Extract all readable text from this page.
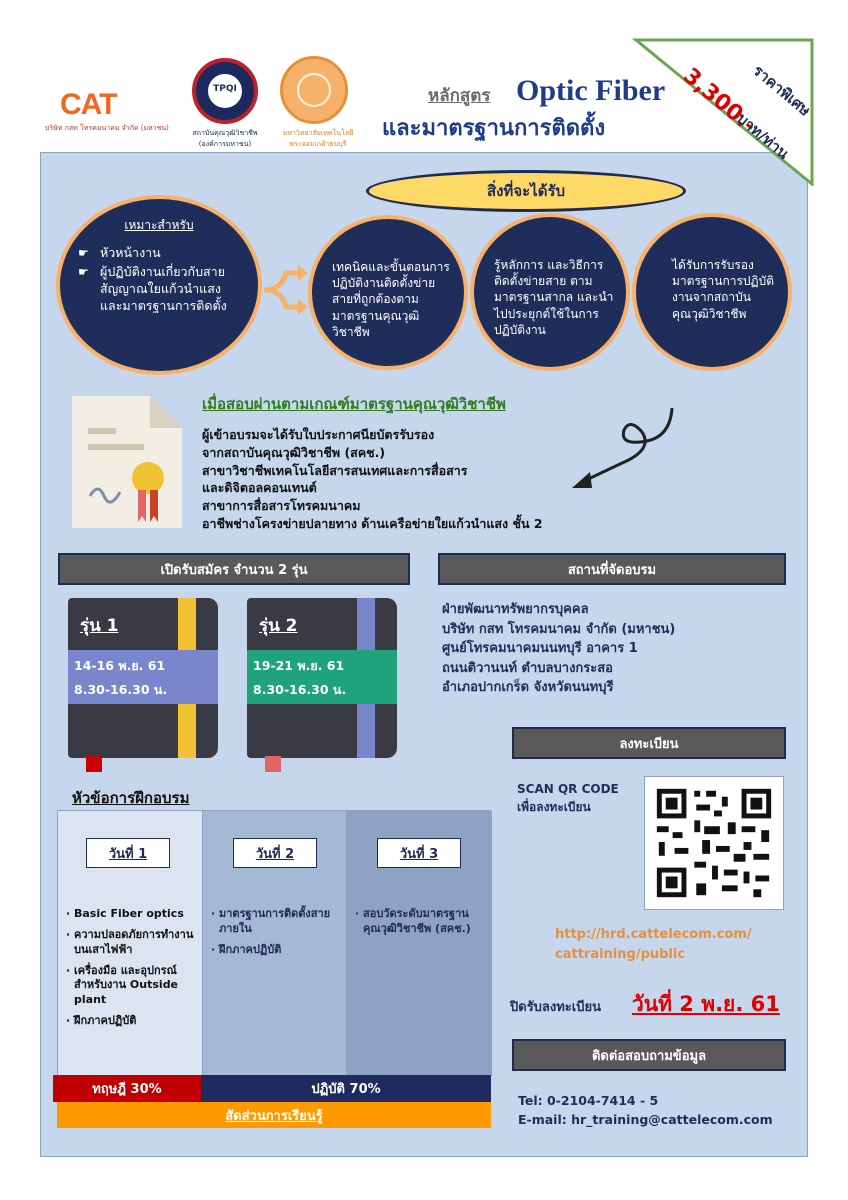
CAT
บริษัท กสท โทรคมนาคม จำกัด (มหาชน)
TPQI
สถาบันคุณวุฒิวิชาชีพ
(องค์การมหาชน)
มหาวิทยาลัยเทคโนโลยี
พระจอมเกล้าธนบุรี
หลักสูตร Optic Fiber
และมาตรฐานการติดตั้ง
ราคาพิเศษ
3,300.-
บาท/ท่าน
สิ่งที่จะได้รับ
เหมาะสำหรับ
☛ หัวหน้างาน
☛ ผู้ปฏิบัติงานเกี่ยวกับสายสัญญาณใยแก้วนำแสงและมาตรฐานการติดตั้ง
เทคนิคและขั้นตอนการปฏิบัติงานติดตั้งข่ายสายที่ถูกต้องตามมาตรฐานคุณวุฒิวิชาชีพ
รู้หลักการ และวิธีการติดตั้งข่ายสาย ตามมาตรฐานสากล และนำไปประยุกต์ใช้ในการปฏิบัติงาน
ได้รับการรับรองมาตรฐานการปฏิบัติงานจากสถาบันคุณวุฒิวิชาชีพ
เมื่อสอบผ่านตามเกณฑ์มาตรฐานคุณวุฒิวิชาชีพ
ผู้เข้าอบรมจะได้รับใบประกาศนียบัตรรับรอง
จากสถาบันคุณวุฒิวิชาชีพ (สคช.)
สาขาวิชาชีพเทคโนโลยีสารสนเทศและการสื่อสาร
และดิจิตอลคอนเทนต์
สาขาการสื่อสารโทรคมนาคม
อาชีพช่างโครงข่ายปลายทาง ด้านเครือข่ายใยแก้วนำแสง ชั้น 2
เปิดรับสมัคร จำนวน 2 รุ่น	สถานที่จัดอบรม
รุ่น 1
14-16 พ.ย. 61
8.30-16.30 น.
รุ่น 2
19-21 พ.ย. 61
8.30-16.30 น.
ฝ่ายพัฒนาทรัพยากรบุคคล
บริษัท กสท โทรคมนาคม จำกัด (มหาชน)
ศูนย์โทรคมนาคมนนทบุรี อาคาร 1
ถนนติวานนท์ ตำบลบางกระสอ
อำเภอปากเกร็ด จังหวัดนนทบุรี
ลงทะเบียน
SCAN QR CODE
เพื่อลงทะเบียน
http://hrd.cattelecom.com/
cattraining/public
ปิดรับลงทะเบียน วันที่ 2 พ.ย. 61
ติดต่อสอบถามข้อมูล
Tel: 0-2104-7414 - 5
E-mail: hr_training@cattelecom.com
หัวข้อการฝึกอบรม
วันที่ 1
· Basic Fiber optics
· ความปลอดภัยการทำงานบนเสาไฟฟ้า
· เครื่องมือ และอุปกรณ์สำหรับงาน Outside plant
· ฝึกภาคปฏิบัติ
วันที่ 2
· มาตรฐานการติดตั้งสายภายใน
· ฝึกภาคปฏิบัติ
วันที่ 3
· สอบวัดระดับมาตรฐานคุณวุฒิวิชาชีพ (สคช.)
ทฤษฎี 30%	ปฏิบัติ 70%
สัดส่วนการเรียนรู้
